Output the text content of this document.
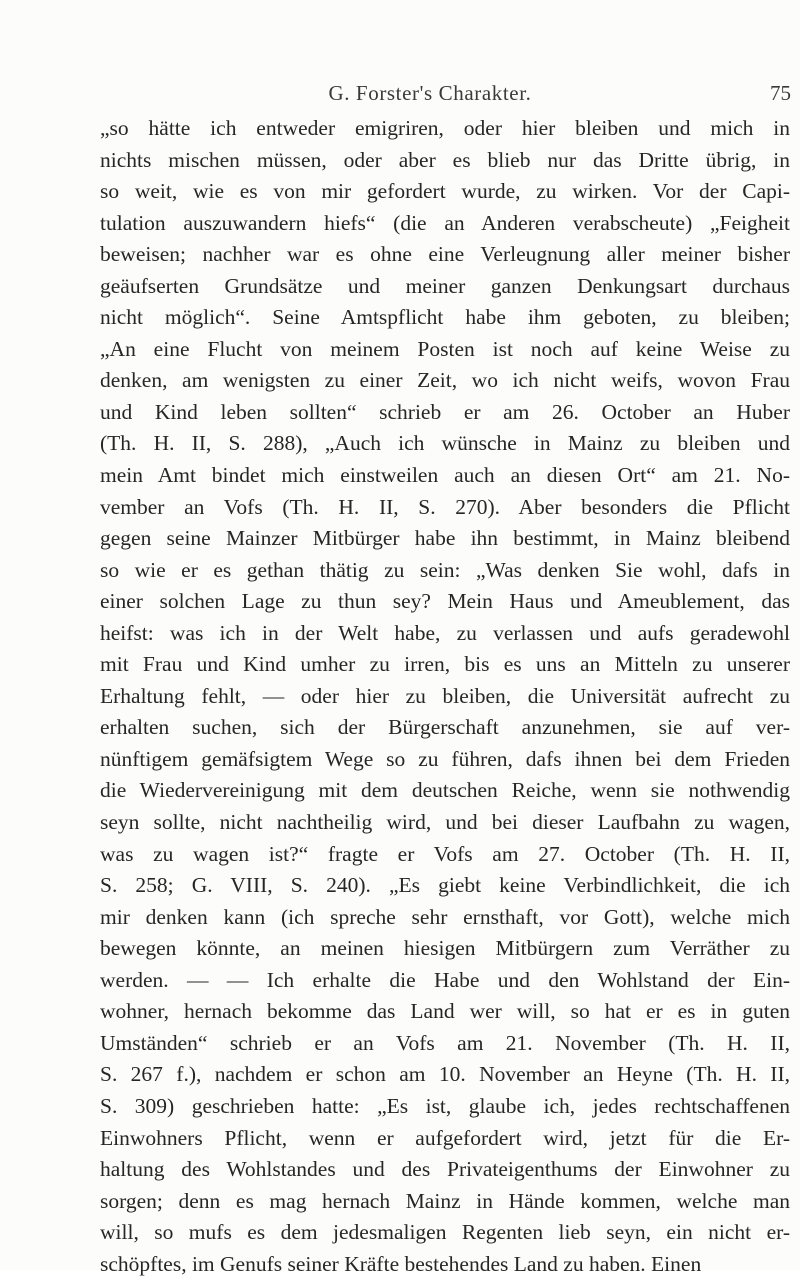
G. Forster's Charakter.	75
„so hätte ich entweder emigriren, oder hier bleiben und mich in
nichts mischen müssen, oder aber es blieb nur das Dritte übrig, in
so weit, wie es von mir gefordert wurde, zu wirken. Vor der Capi-
tulation auszuwandern hiefs“ (die an Anderen verabscheute) „Feigheit
beweisen; nachher war es ohne eine Verleugnung aller meiner bisher
geäufserten Grundsätze und meiner ganzen Denkungsart durchaus
nicht möglich“. Seine Amtspflicht habe ihm geboten, zu bleiben;
„An eine Flucht von meinem Posten ist noch auf keine Weise zu
denken, am wenigsten zu einer Zeit, wo ich nicht weifs, wovon Frau
und Kind leben sollten“ schrieb er am 26. October an Huber
(Th. H. II, S. 288), „Auch ich wünsche in Mainz zu bleiben und
mein Amt bindet mich einstweilen auch an diesen Ort“ am 21. No-
vember an Vofs (Th. H. II, S. 270). Aber besonders die Pflicht
gegen seine Mainzer Mitbürger habe ihn bestimmt, in Mainz bleibend
so wie er es gethan thätig zu sein: „Was denken Sie wohl, dafs in
einer solchen Lage zu thun sey? Mein Haus und Ameublement, das
heifst: was ich in der Welt habe, zu verlassen und aufs geradewohl
mit Frau und Kind umher zu irren, bis es uns an Mitteln zu unserer
Erhaltung fehlt, — oder hier zu bleiben, die Universität aufrecht zu
erhalten suchen, sich der Bürgerschaft anzunehmen, sie auf ver-
nünftigem gemäfsigtem Wege so zu führen, dafs ihnen bei dem Frieden
die Wiedervereinigung mit dem deutschen Reiche, wenn sie nothwendig
seyn sollte, nicht nachtheilig wird, und bei dieser Laufbahn zu wagen,
was zu wagen ist?“ fragte er Vofs am 27. October (Th. H. II,
S. 258; G. VIII, S. 240). „Es giebt keine Verbindlichkeit, die ich
mir denken kann (ich spreche sehr ernsthaft, vor Gott), welche mich
bewegen könnte, an meinen hiesigen Mitbürgern zum Verräther zu
werden. — — Ich erhalte die Habe und den Wohlstand der Ein-
wohner, hernach bekomme das Land wer will, so hat er es in guten
Umständen“ schrieb er an Vofs am 21. November (Th. H. II,
S. 267 f.), nachdem er schon am 10. November an Heyne (Th. H. II,
S. 309) geschrieben hatte: „Es ist, glaube ich, jedes rechtschaffenen
Einwohners Pflicht, wenn er aufgefordert wird, jetzt für die Er-
haltung des Wohlstandes und des Privateigenthums der Einwohner zu
sorgen; denn es mag hernach Mainz in Hände kommen, welche man
will, so mufs es dem jedesmaligen Regenten lieb seyn, ein nicht er-
schöpftes, im Genufs seiner Kräfte bestehendes Land zu haben. Einen
